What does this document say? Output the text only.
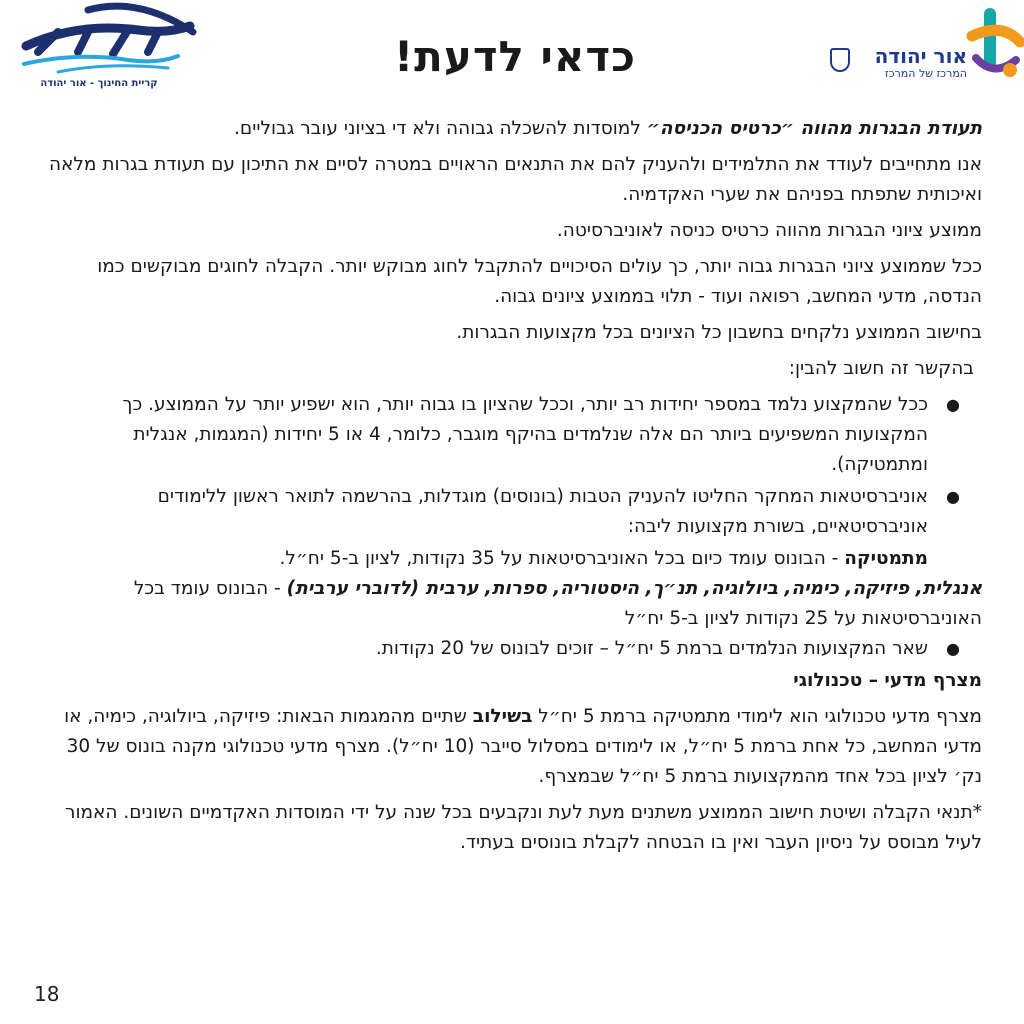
קריית החינוך - אור יהודה
כדאי לדעת!	אור יהודה
המרכז של המרכז

תעודת הבגרות מהווה ״כרטיס הכניסה״ למוסדות להשכלה גבוהה ולא די בציוני עובר גבוליים.

אנו מתחייבים לעודד את התלמידים ולהעניק להם את התנאים הראויים במטרה לסיים את התיכון עם תעודת בגרות מלאה ואיכותית שתפתח בפניהם את שערי האקדמיה.

ממוצע ציוני הבגרות מהווה כרטיס כניסה לאוניברסיטה.

ככל שממוצע ציוני הבגרות גבוה יותר, כך עולים הסיכויים להתקבל לחוג מבוקש יותר. הקבלה לחוגים מבוקשים כמו הנדסה, מדעי המחשב, רפואה ועוד - תלוי בממוצע ציונים גבוה.

בחישוב הממוצע נלקחים בחשבון כל הציונים בכל מקצועות הבגרות.

בהקשר זה חשוב להבין:

●
ככל שהמקצוע נלמד במספר יחידות רב יותר, וככל שהציון בו גבוה יותר, הוא ישפיע יותר על הממוצע. כך המקצועות המשפיעים ביותר הם אלה שנלמדים בהיקף מוגבר, כלומר, 4 או 5 יחידות (המגמות, אנגלית ומתמטיקה).
●
אוניברסיטאות המחקר החליטו להעניק הטבות (בונוסים) מוגדלות, בהרשמה לתואר ראשון ללימודים אוניברסיטאיים, בשורת מקצועות ליבה:

מתמטיקה - הבונוס עומד כיום בכל האוניברסיטאות על 35 נקודות, לציון ב-5 יח״ל.

אנגלית, פיזיקה, כימיה, ביולוגיה, תנ״ך, היסטוריה, ספרות, ערבית (לדוברי ערבית) - הבונוס עומד בכל האוניברסיטאות על 25 נקודות לציון ב-5 יח״ל

●
שאר המקצועות הנלמדים ברמת 5 יח״ל – זוכים לבונוס של 20 נקודות.

מצרף מדעי – טכנולוגי

מצרף מדעי טכנולוגי הוא לימודי מתמטיקה ברמת 5 יח״ל בשילוב שתיים מהמגמות הבאות: פיזיקה, ביולוגיה, כימיה, או מדעי המחשב, כל אחת ברמת 5 יח״ל, או לימודים במסלול סייבר (10 יח״ל). מצרף מדעי טכנולוגי מקנה בונוס של 30 נק׳ לציון בכל אחד מהמקצועות ברמת 5 יח״ל שבמצרף.

*תנאי הקבלה ושיטת חישוב הממוצע משתנים מעת לעת ונקבעים בכל שנה על ידי המוסדות האקדמיים השונים. האמור לעיל מבוסס על ניסיון העבר ואין בו הבטחה לקבלת בונוסים בעתיד.

18
